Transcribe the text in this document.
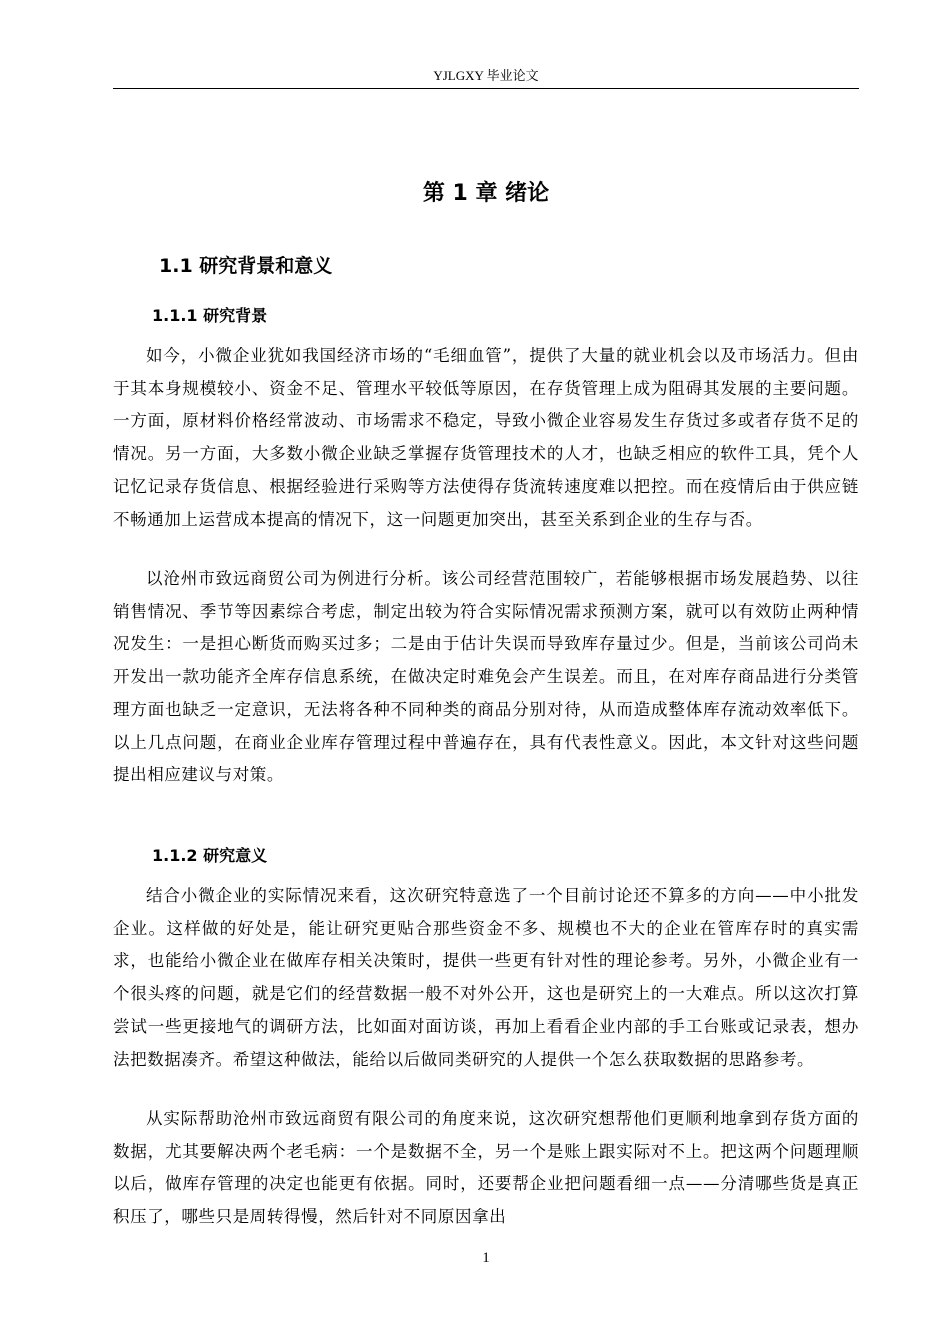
YJLGXY 毕业论文
第 1 章 绪论
1.1 研究背景和意义
1.1.1 研究背景

如今，小微企业犹如我国经济市场的“毛细血管”，提供了大量的就业机会以及市场活力。但由于其本身规模较小、资金不足、管理水平较低等原因，在存货管理上成为阻碍其发展的主要问题。一方面，原材料价格经常波动、市场需求不稳定，导致小微企业容易发生存货过多或者存货不足的情况。另一方面，大多数小微企业缺乏掌握存货管理技术的人才，也缺乏相应的软件工具，凭个人记忆记录存货信息、根据经验进行采购等方法使得存货流转速度难以把控。而在疫情后由于供应链不畅通加上运营成本提高的情况下，这一问题更加突出，甚至关系到企业的生存与否。

以沧州市致远商贸公司为例进行分析。该公司经营范围较广，若能够根据市场发展趋势、以往销售情况、季节等因素综合考虑，制定出较为符合实际情况需求预测方案，就可以有效防止两种情况发生：一是担心断货而购买过多；二是由于估计失误而导致库存量过少。但是，当前该公司尚未开发出一款功能齐全库存信息系统，在做决定时难免会产生误差。而且，在对库存商品进行分类管理方面也缺乏一定意识，无法将各种不同种类的商品分别对待，从而造成整体库存流动效率低下。以上几点问题，在商业企业库存管理过程中普遍存在，具有代表性意义。因此，本文针对这些问题提出相应建议与对策。

1.1.2 研究意义

结合小微企业的实际情况来看，这次研究特意选了一个目前讨论还不算多的方向——中小批发企业。这样做的好处是，能让研究更贴合那些资金不多、规模也不大的企业在管库存时的真实需求，也能给小微企业在做库存相关决策时，提供一些更有针对性的理论参考。另外，小微企业有一个很头疼的问题，就是它们的经营数据一般不对外公开，这也是研究上的一大难点。所以这次打算尝试一些更接地气的调研方法，比如面对面访谈，再加上看看企业内部的手工台账或记录表，想办法把数据凑齐。希望这种做法，能给以后做同类研究的人提供一个怎么获取数据的思路参考。

从实际帮助沧州市致远商贸有限公司的角度来说，这次研究想帮他们更顺利地拿到存货方面的数据，尤其要解决两个老毛病：一个是数据不全，另一个是账上跟实际对不上。把这两个问题理顺以后，做库存管理的决定也能更有依据。同时，还要帮企业把问题看细一点——分清哪些货是真正积压了，哪些只是周转得慢，然后针对不同原因拿出

1
